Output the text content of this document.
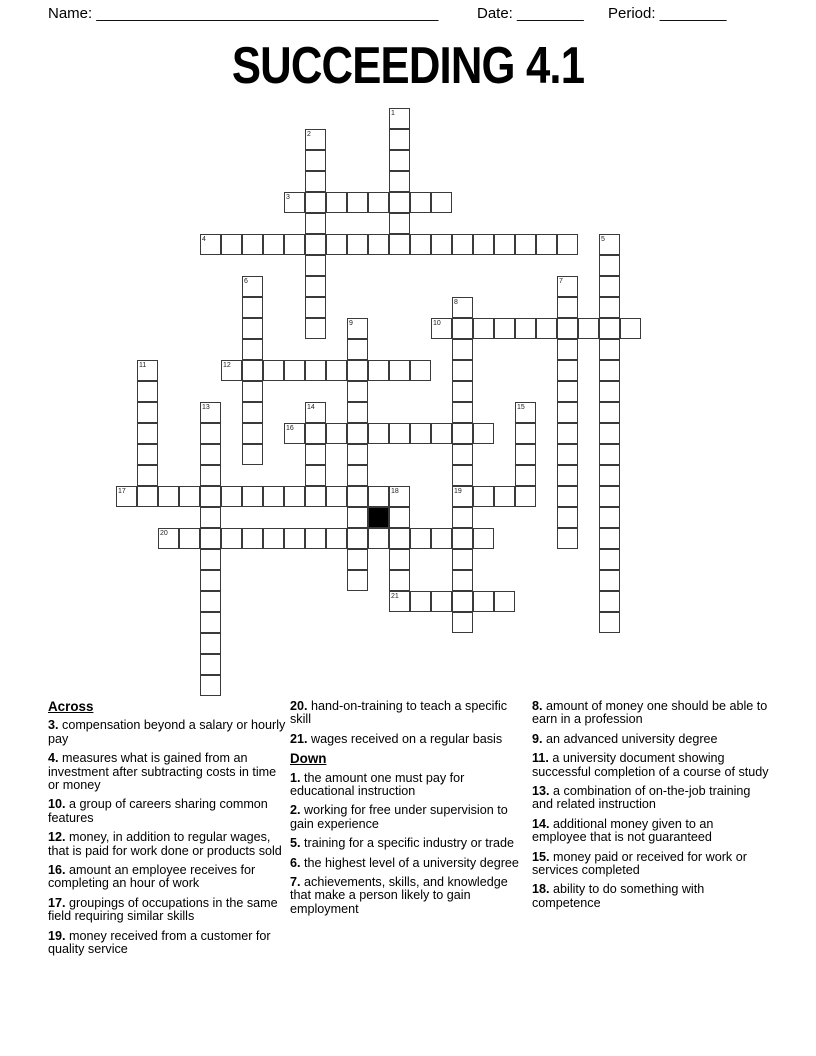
Name: _________________________________________	Date: ________ Period: ________
SUCCEEDING 4.1
1
2
3
4	5
6	7
8
9	10
11	12
13	14	15
16
17	18	19
20
21
Across
3. compensation beyond a salary or hourly pay
4. measures what is gained from an investment after subtracting costs in time or money
10. a group of careers sharing common features
12. money, in addition to regular wages, that is paid for work done or products sold
16. amount an employee receives for completing an hour of work
17. groupings of occupations in the same field requiring similar skills
19. money received from a customer for quality service
20. hand-on-training to teach a specific skill
21. wages received on a regular basis
Down
1. the amount one must pay for educational instruction
2. working for free under supervision to gain experience
5. training for a specific industry or trade
6. the highest level of a university degree
7. achievements, skills, and knowledge that make a person likely to gain employment
8. amount of money one should be able to earn in a profession
9. an advanced university degree
11. a university document showing successful completion of a course of study
13. a combination of on-the-job training and related instruction
14. additional money given to an employee that is not guaranteed
15. money paid or received for work or services completed
18. ability to do something with competence
